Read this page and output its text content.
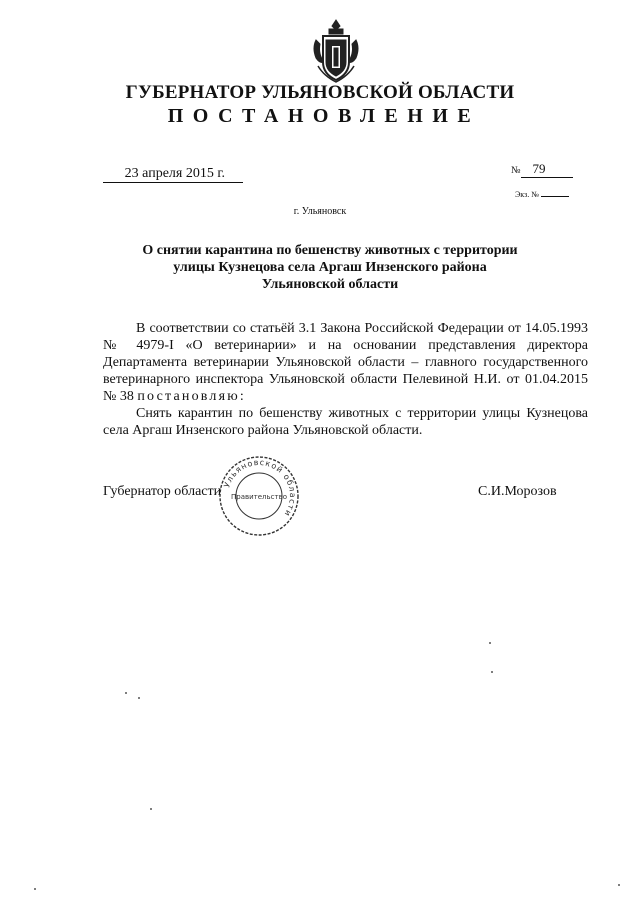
ГУБЕРНАТОР УЛЬЯНОВСКОЙ ОБЛАСТИ
ПОСТАНОВЛЕНИЕ
23 апреля 2015 г.	№ 79
Экз. №
г. Ульяновск
О снятии карантина по бешенству животных с территории
улицы Кузнецова села Аргаш Инзенского района
Ульяновской области

В соответствии со статьёй 3.1 Закона Российской Федерации от 14.05.1993 № 4979-I «О ветеринарии» и на основании представления директора Департамента ветеринарии Ульяновской области – главного государственного ветеринарного инспектора Ульяновской области Пелевиной Н.И. от 01.04.2015 № 38 постановляю:

Снять карантин по бешенству животных с территории улицы Кузнецова села Аргаш Инзенского района Ульяновской области.

Губернатор области	С.И.Морозов
Ульяновской области
Правительство
